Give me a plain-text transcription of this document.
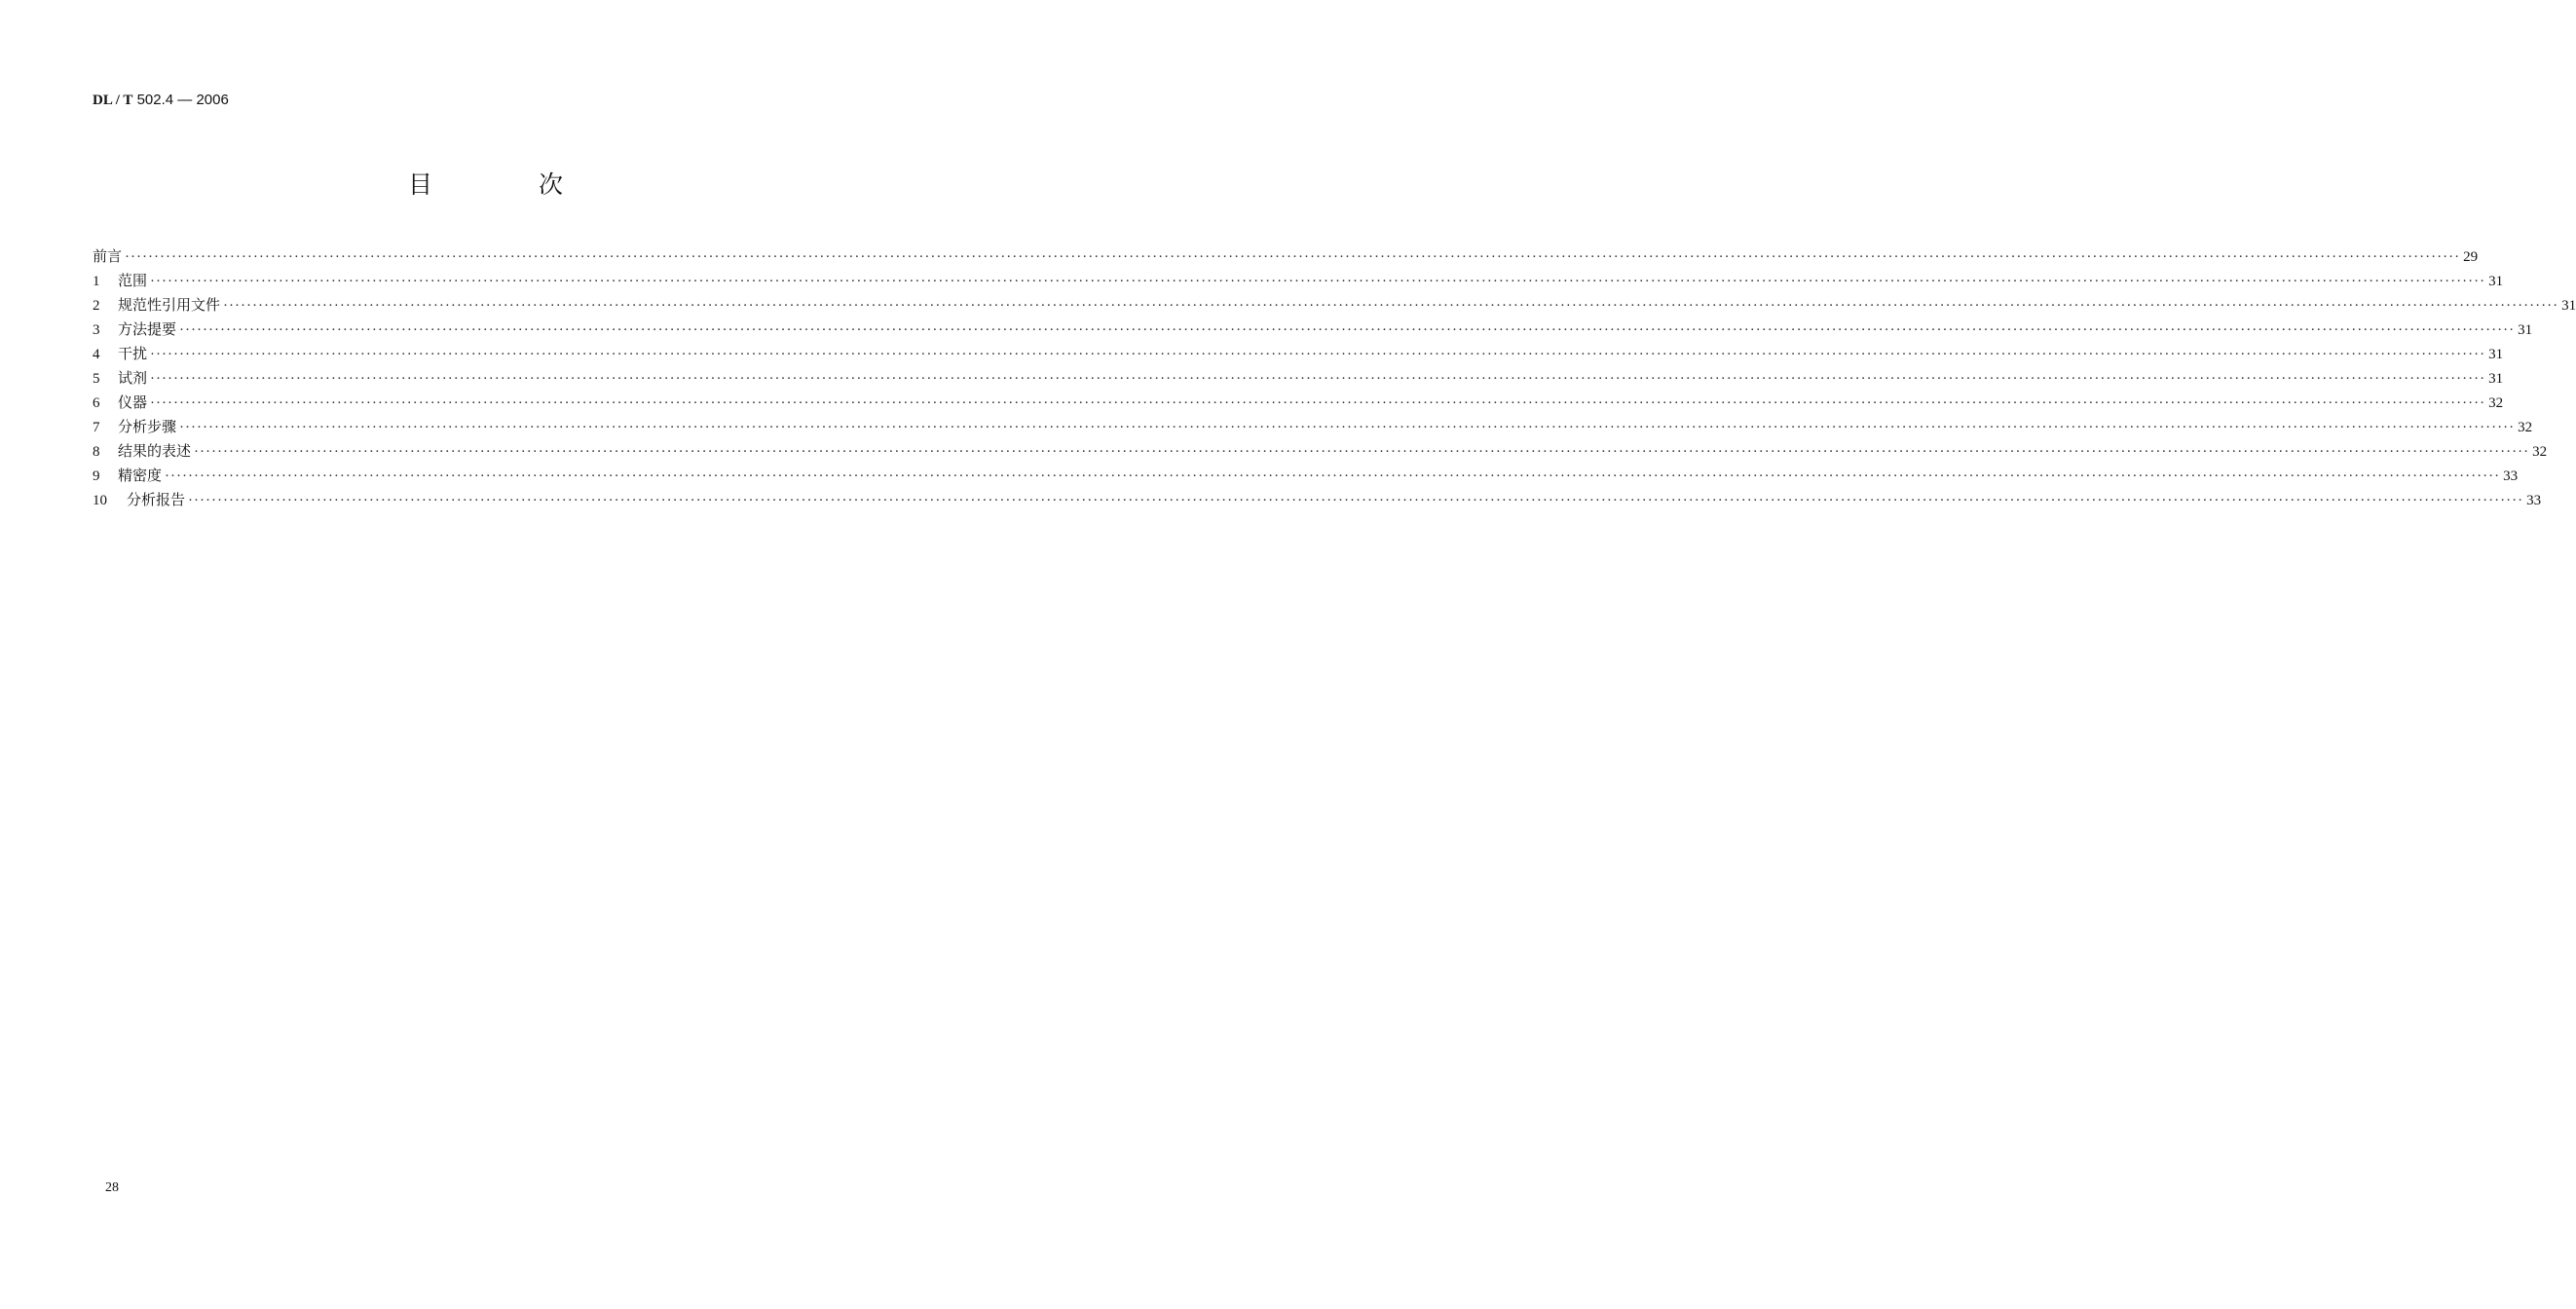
DL / T 502.4 — 2006
目　次
前言 ················································································································································································································································································································································································································ 29
1	范围 ················································································································································································································································································································································································································ 31
2	规范性引用文件 ················································································································································································································································································································································································································ 31
3	方法提要 ················································································································································································································································································································································································································ 31
4	干扰 ················································································································································································································································································································································································································ 31
5	试剂 ················································································································································································································································································································································································································ 31
6	仪器 ················································································································································································································································································································································································································ 32
7	分析步骤 ················································································································································································································································································································································································································ 32
8	结果的表述 ················································································································································································································································································································································································································ 32
9	精密度 ················································································································································································································································································································································································································ 33
10	分析报告 ················································································································································································································································································································································································································ 33
28
